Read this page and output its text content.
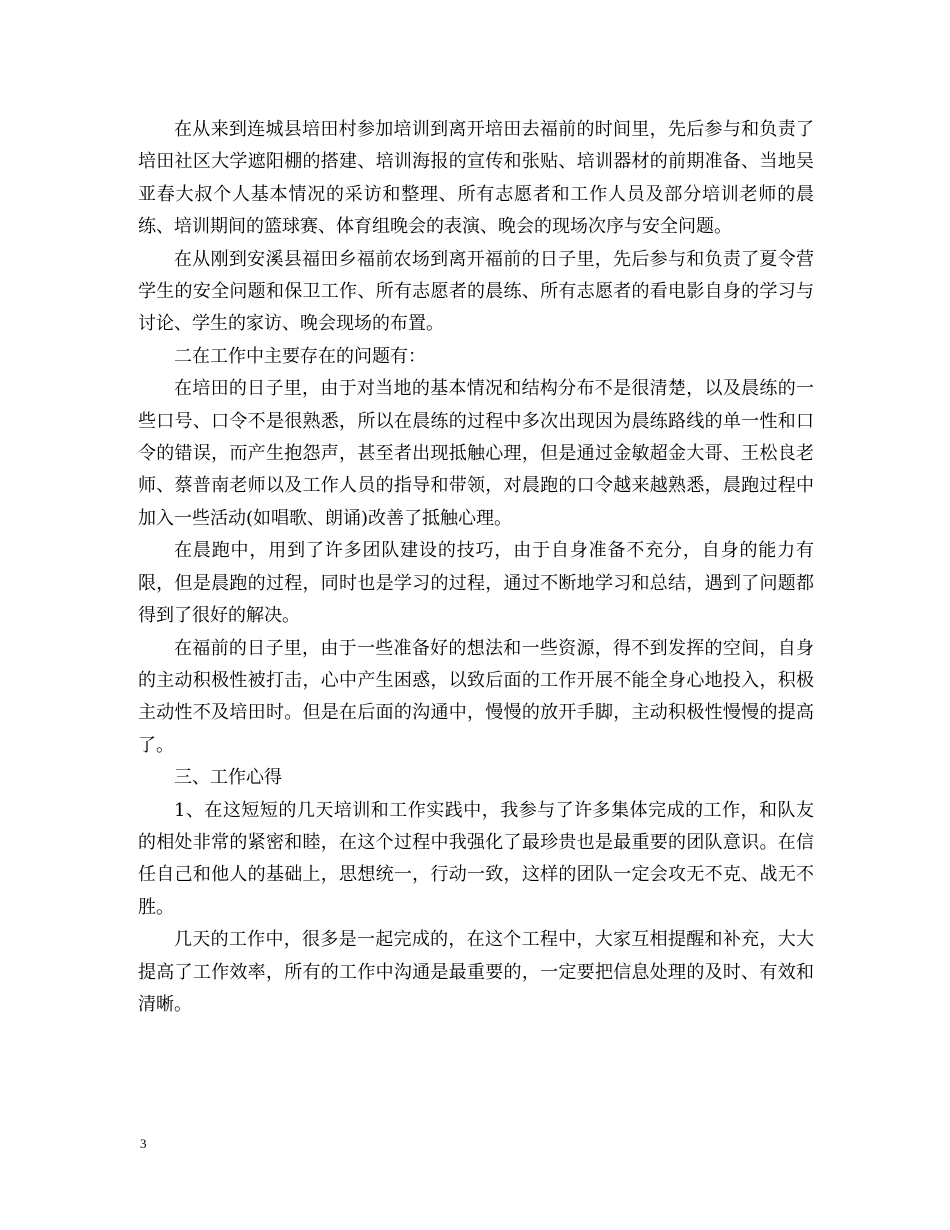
在从来到连城县培田村参加培训到离开培田去福前的时间里，先后参与和负责了培田社区大学遮阳棚的搭建、培训海报的宣传和张贴、培训器材的前期准备、当地吴亚春大叔个人基本情况的采访和整理、所有志愿者和工作人员及部分培训老师的晨练、培训期间的篮球赛、体育组晚会的表演、晚会的现场次序与安全问题。

在从刚到安溪县福田乡福前农场到离开福前的日子里，先后参与和负责了夏令营学生的安全问题和保卫工作、所有志愿者的晨练、所有志愿者的看电影自身的学习与讨论、学生的家访、晚会现场的布置。

二在工作中主要存在的问题有：

在培田的日子里，由于对当地的基本情况和结构分布不是很清楚，以及晨练的一些口号、口令不是很熟悉，所以在晨练的过程中多次出现因为晨练路线的单一性和口令的错误，而产生抱怨声，甚至者出现抵触心理，但是通过金敏超金大哥、王松良老师、蔡普南老师以及工作人员的指导和带领，对晨跑的口令越来越熟悉，晨跑过程中加入一些活动(如唱歌、朗诵)改善了抵触心理。

在晨跑中，用到了许多团队建设的技巧，由于自身准备不充分，自身的能力有限，但是晨跑的过程，同时也是学习的过程，通过不断地学习和总结，遇到了问题都得到了很好的解决。

在福前的日子里，由于一些准备好的想法和一些资源，得不到发挥的空间，自身的主动积极性被打击，心中产生困惑，以致后面的工作开展不能全身心地投入，积极主动性不及培田时。但是在后面的沟通中，慢慢的放开手脚，主动积极性慢慢的提高了。

三、工作心得

1、在这短短的几天培训和工作实践中，我参与了许多集体完成的工作，和队友的相处非常的紧密和睦，在这个过程中我强化了最珍贵也是最重要的团队意识。在信任自己和他人的基础上，思想统一，行动一致，这样的团队一定会攻无不克、战无不胜。

几天的工作中，很多是一起完成的，在这个工程中，大家互相提醒和补充，大大提高了工作效率，所有的工作中沟通是最重要的，一定要把信息处理的及时、有效和清晰。

3
